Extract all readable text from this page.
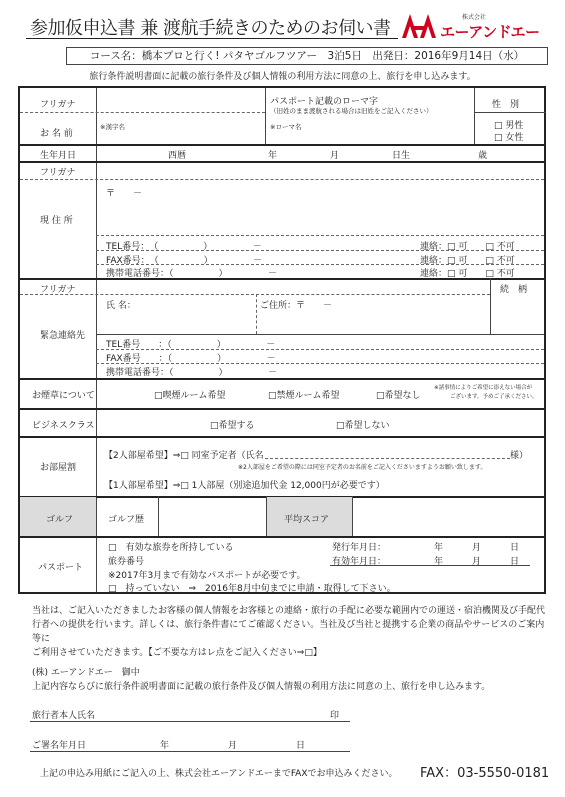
参加仮申込書 兼 渡航手続きのためのお伺い書
株式会社
エーアンドエー
コース名：橋本プロと行く! パタヤゴルフツアー　3泊5日　出発日：2016年9月14日（水）
旅行条件説明書面に記載の旅行条件及び個人情報の利用方法に同意の上、旅行を申し込みます。
フリガナ
お 名 前
※漢字名
パスポート記載のローマ字
（旧姓のまま渡航される場合は旧姓をご記入ください）
※ローマ名
性　別
□ 男性
□ 女性
生年月日	西暦	年	月	日生	歳
フリガナ
〒　　－
現 住 所
TEL番号：　（　　　　　）　　　　　－	連絡：□ 可　　□ 不可
FAX番号：　（　　　　　）　　　　　－	連絡：□ 可　　□ 不可
携帯電話番号：（　　　　　）　　　　　－	連絡：□ 可　　□ 不可
フリガナ	続　柄
氏 名：	ご住所：〒　　－
緊急連絡先
TEL番号　　：（　　　　　）　　　　　－
FAX番号　　：（　　　　　）　　　　　－
携帯電話番号：（　　　　　）　　　　　－
お煙草について	□喫煙ルーム希望	□禁煙ルーム希望	□希望なし
※諸事情によりご希望に添えない場合が
ございます。予めご了承ください。
ビジネスクラス	□希望する	□希望しない
お部屋割
【2人部屋希望】⇒□ 同室予定者（氏名	様）
※2人部屋をご希望の際には同室予定者のお名前をご記入くださいますようお願い致します。
【1人部屋希望】⇒□ 1人部屋（別途追加代金 12,000円が必要です）
ゴルフ	ゴルフ歴	平均スコア
パスポート
□　有効な旅券を所持している	発行年月日：	年	月	日
旅券番号	有効年月日：	年	月	日
※2017年3月まで有効なパスポートが必要です。
□　持っていない　⇒　2016年8月中旬までに申請・取得して下さい。
当社は、ご記入いただきましたお客様の個人情報をお客様との連絡・旅行の手配に必要な範囲内での運送・宿泊機関及び手配代
行者への提供を行います。詳しくは、旅行条件書にてご確認ください。当社及び当社と提携する企業の商品やサービスのご案内等に
ご利用させていただきます。【ご不要な方はレ点をご記入ください⇒□】
(株) エーアンドエー　御中
上記内容ならびに旅行条件説明書面に記載の旅行条件及び個人情報の利用方法に同意の上、旅行を申し込みます。
旅行者本人氏名	印
ご署名年月日	年	月	日
上記の申込み用紙にご記入の上、株式会社エーアンドエーまでFAXでお申込みください。 FAX：03-5550-0181
